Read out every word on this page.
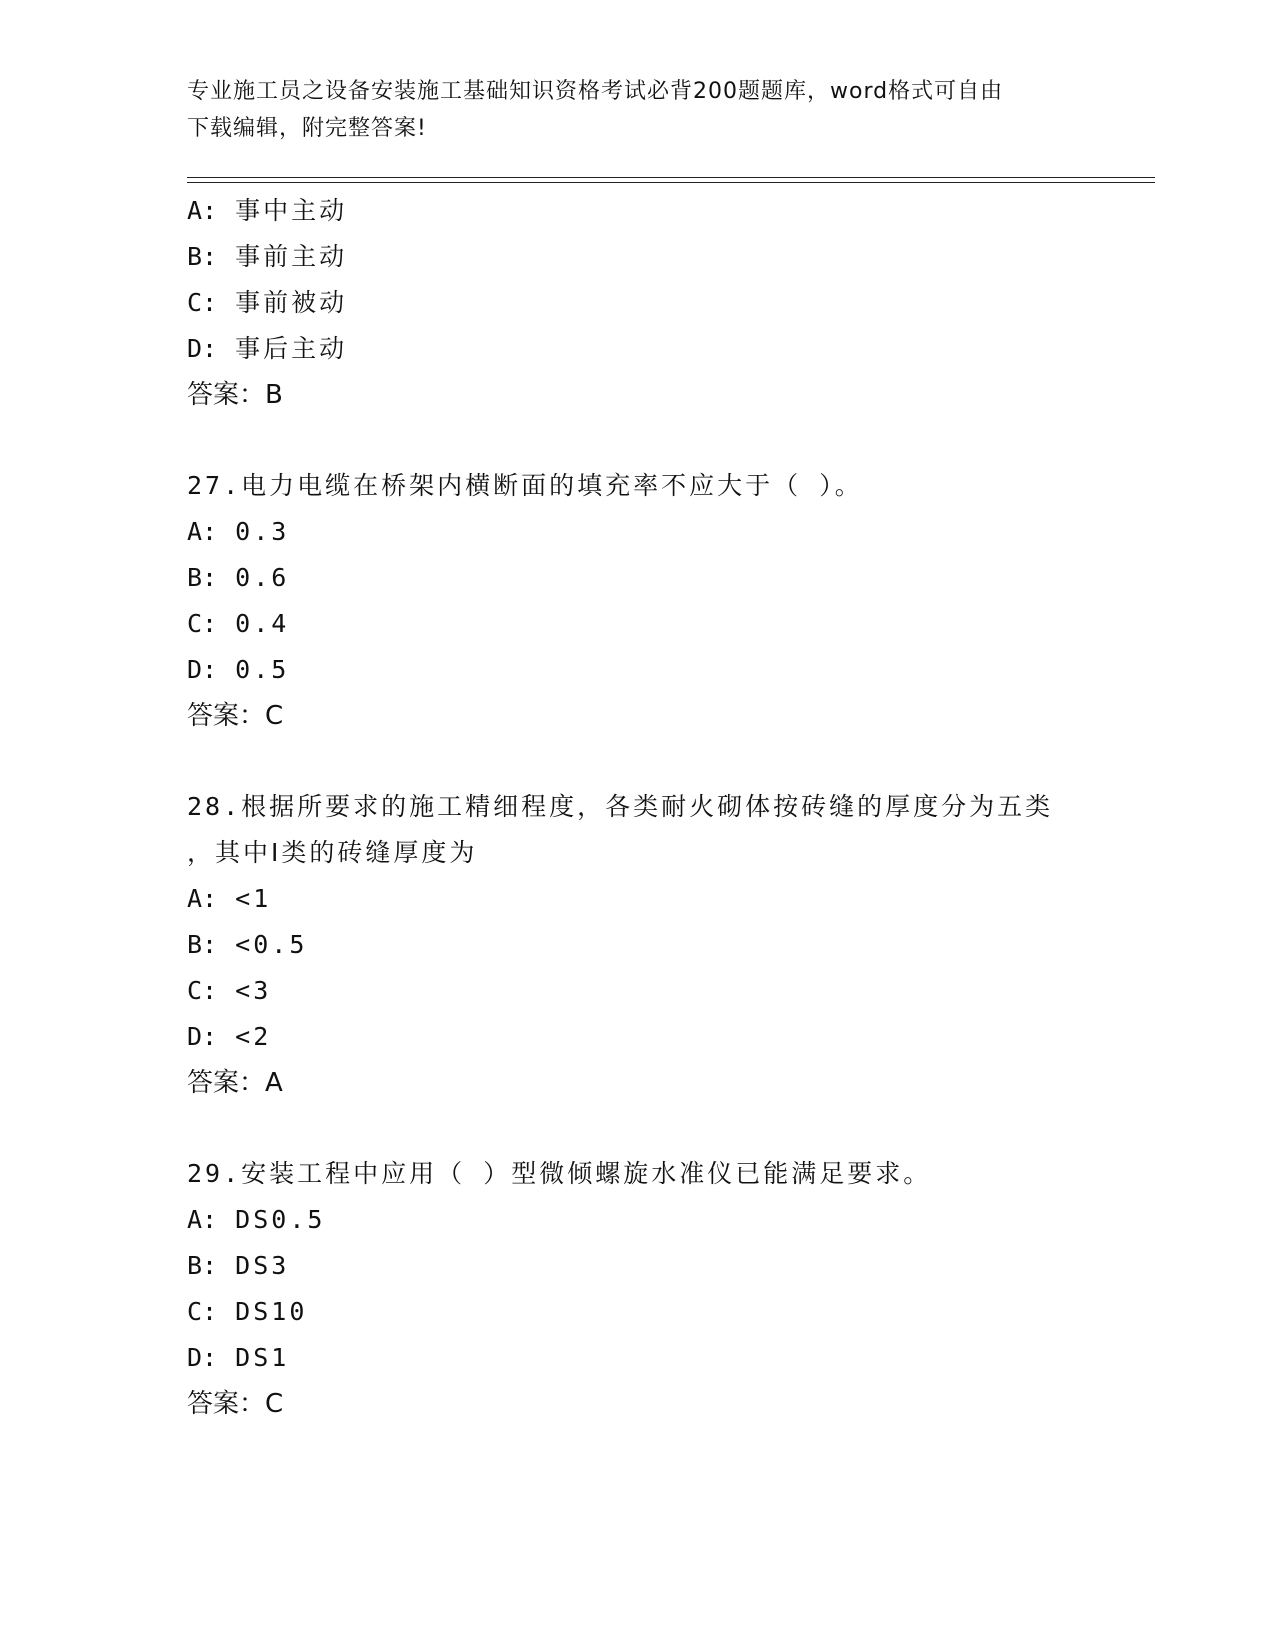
专业施工员之设备安装施工基础知识资格考试必背200题题库，word格式可自由
下载编辑，附完整答案!
A: 事中主动
B: 事前主动
C: 事前被动
D: 事后主动
答案：B
27.电力电缆在桥架内横断面的填充率不应大于（ ）。
A: 0.3
B: 0.6
C: 0.4
D: 0.5
答案：C
28.根据所要求的施工精细程度，各类耐火砌体按砖缝的厚度分为五类
，其中Ⅰ类的砖缝厚度为
A: <1
B: <0.5
C: <3
D: <2
答案：A
29.安装工程中应用（ ）型微倾螺旋水准仪已能满足要求。
A: DS0.5
B: DS3
C: DS10
D: DS1
答案：C
